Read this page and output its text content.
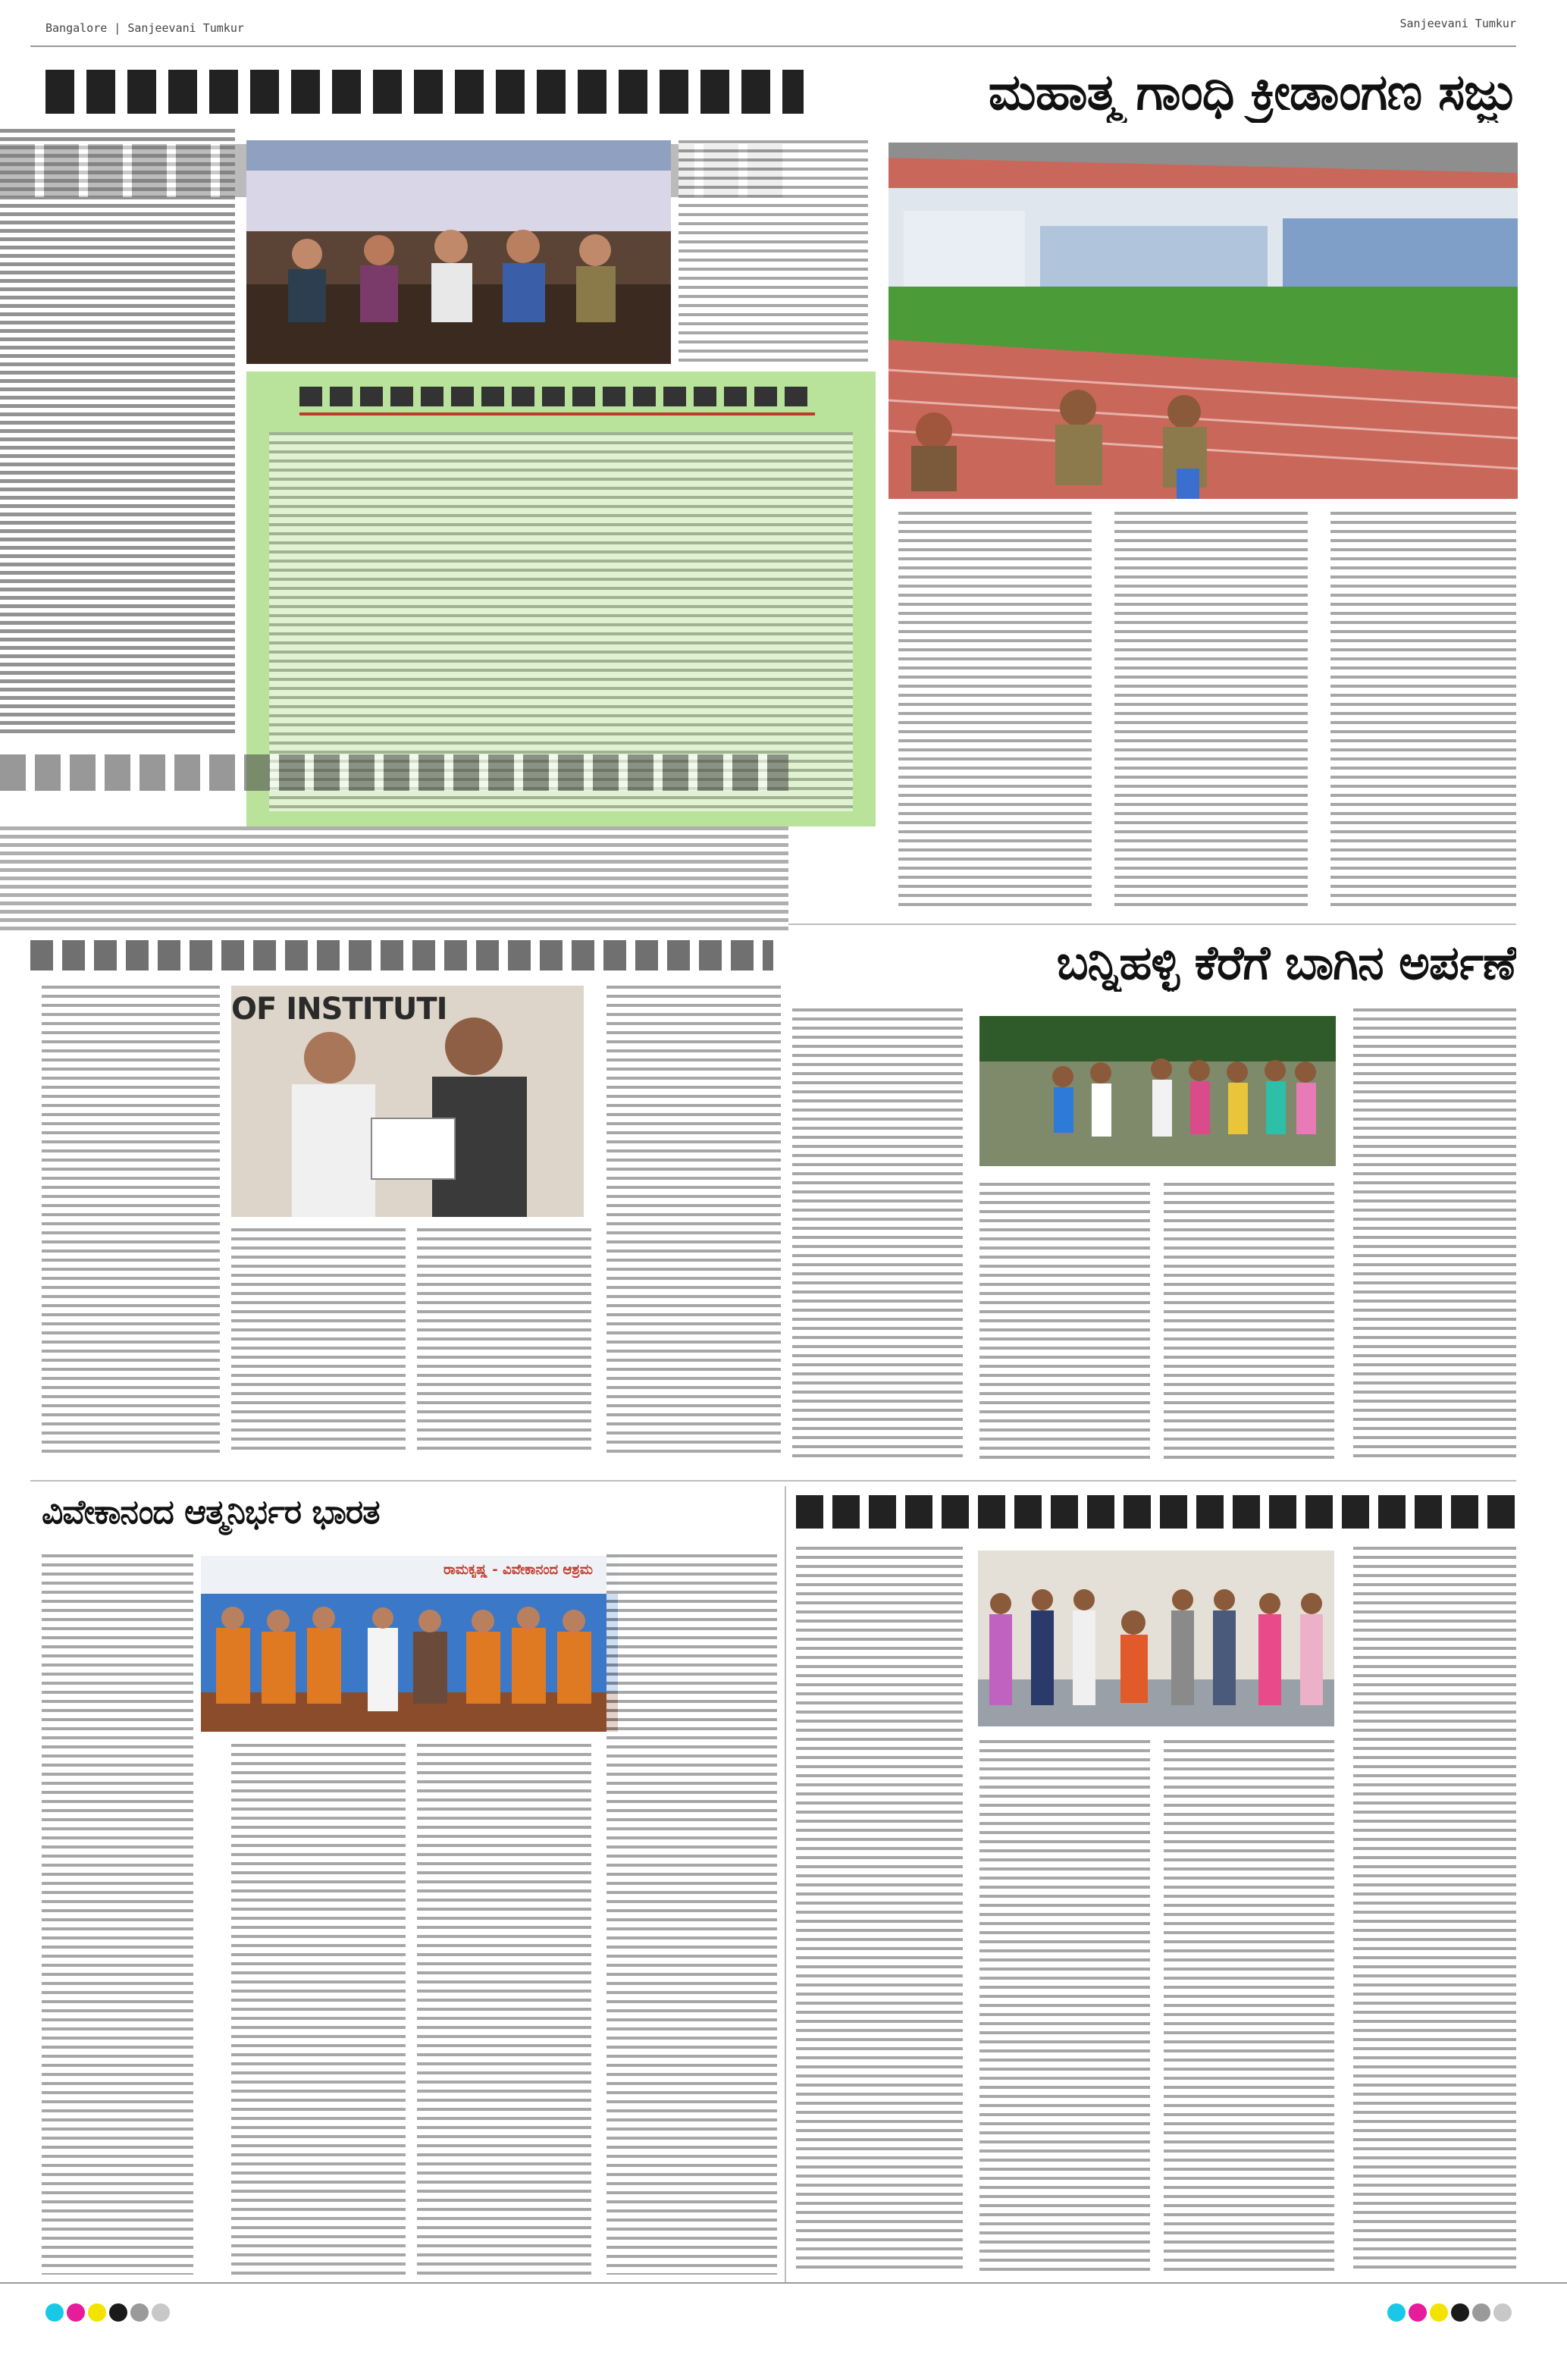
Bangalore | Sanjeevani Tumkur	Sanjeevani Tumkur
ಮಹಾತ್ಮ ಗಾಂಧಿ ಕ್ರೀಡಾಂಗಣ ಸಜ್ಜು
ಬನ್ನಿಹಳ್ಳಿ ಕೆರೆಗೆ ಬಾಗಿನ ಅರ್ಪಣೆ
OF INSTITUTI
ವಿವೇಕಾನಂದ ಆತ್ಮನಿರ್ಭರ ಭಾರತ
ರಾಮಕೃಷ್ಣ - ವಿವೇಕಾನಂದ ಆಶ್ರಮ
